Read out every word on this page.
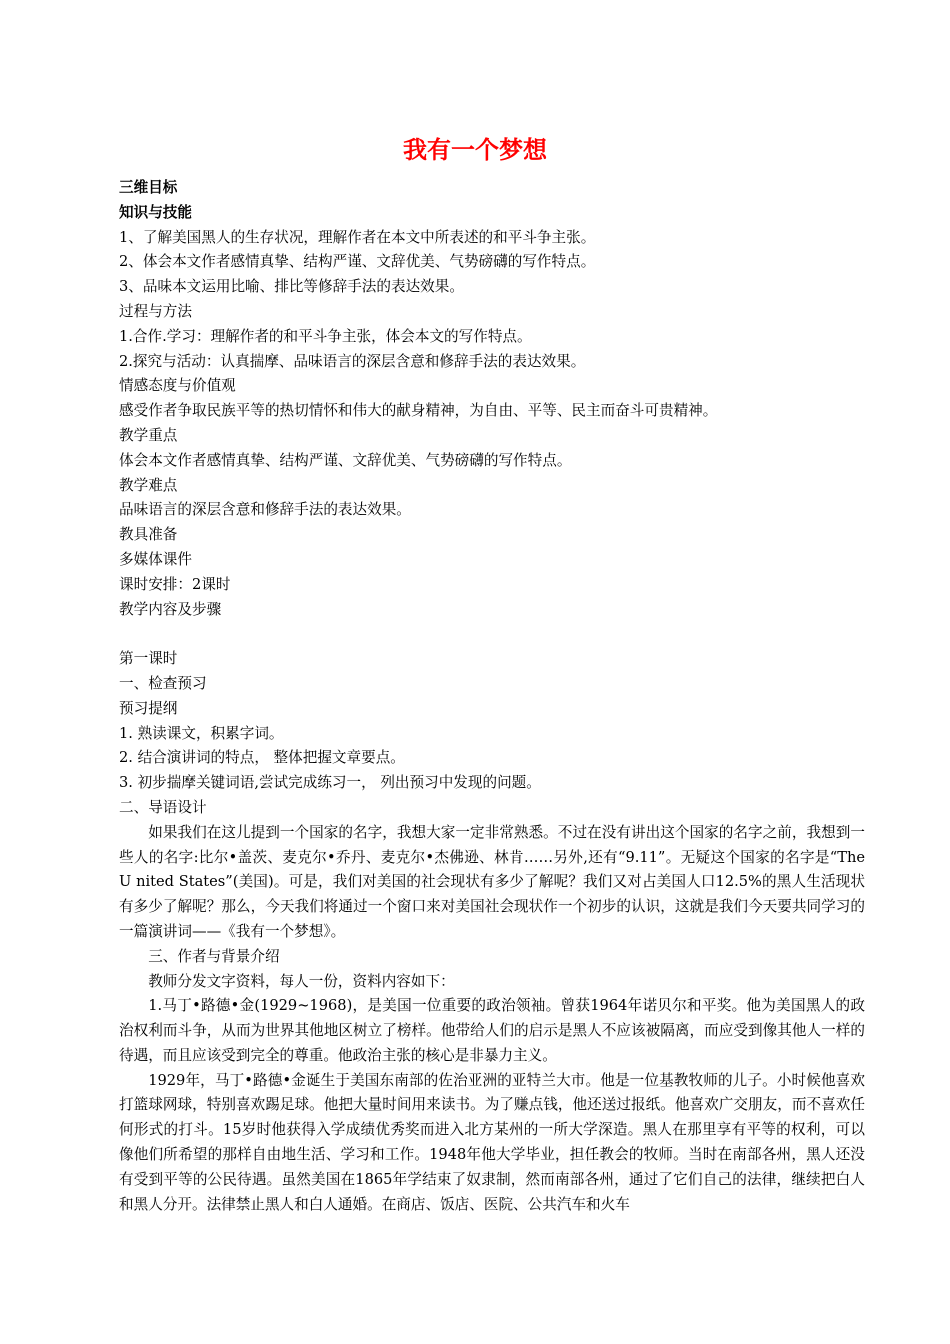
我有一个梦想

三维目标

知识与技能

1、了解美国黑人的生存状况，理解作者在本文中所表述的和平斗争主张。

2、体会本文作者感情真挚、结构严谨、文辞优美、气势磅礴的写作特点。

3、品味本文运用比喻、排比等修辞手法的表达效果。

过程与方法

1.合作.学习：理解作者的和平斗争主张，体会本文的写作特点。

2.探究与活动：认真揣摩、品味语言的深层含意和修辞手法的表达效果。

情感态度与价值观

感受作者争取民族平等的热切情怀和伟大的献身精神，为自由、平等、民主而奋斗可贵精神。

教学重点

体会本文作者感情真挚、结构严谨、文辞优美、气势磅礴的写作特点。

教学难点

品味语言的深层含意和修辞手法的表达效果。

教具准备

多媒体课件

课时安排：2课时

教学内容及步骤

第一课时

一、检查预习

预习提纲

1. 熟读课文，积累字词。

2. 结合演讲词的特点， 整体把握文章要点。

3. 初步揣摩关键词语,尝试完成练习一， 列出预习中发现的问题。

二、导语设计

如果我们在这儿提到一个国家的名字，我想大家一定非常熟悉。不过在没有讲出这个国家的名字之前，我想到一些人的名字:比尔•盖茨、麦克尔•乔丹、麦克尔•杰佛逊、林肯……另外,还有“9.11”。无疑这个国家的名字是“The U nited States”(美国)。可是，我们对美国的社会现状有多少了解呢？我们又对占美国人口12.5%的黑人生活现状有多少了解呢？那么，今天我们将通过一个窗口来对美国社会现状作一个初步的认识，这就是我们今天要共同学习的一篇演讲词——《我有一个梦想》。

三、作者与背景介绍

教师分发文字资料，每人一份，资料内容如下：

1.马丁•路德•金(1929~1968)，是美国一位重要的政治领袖。曾获1964年诺贝尔和平奖。他为美国黑人的政治权利而斗争，从而为世界其他地区树立了榜样。他带给人们的启示是黑人不应该被隔离，而应受到像其他人一样的待遇，而且应该受到完全的尊重。他政治主张的核心是非暴力主义。

1929年，马丁•路德•金诞生于美国东南部的佐治亚洲的亚特兰大市。他是一位基教牧师的儿子。小时候他喜欢打篮球网球，特别喜欢踢足球。他把大量时间用来读书。为了赚点钱，他还送过报纸。他喜欢广交朋友，而不喜欢任何形式的打斗。15岁时他获得入学成绩优秀奖而进入北方某州的一所大学深造。黑人在那里享有平等的权利，可以像他们所希望的那样自由地生活、学习和工作。1948年他大学毕业，担任教会的牧师。当时在南部各州，黑人还没有受到平等的公民待遇。虽然美国在1865年学结束了奴隶制，然而南部各州，通过了它们自己的法律，继续把白人和黑人分开。法律禁止黑人和白人通婚。在商店、饭店、医院、公共汽车和火车
